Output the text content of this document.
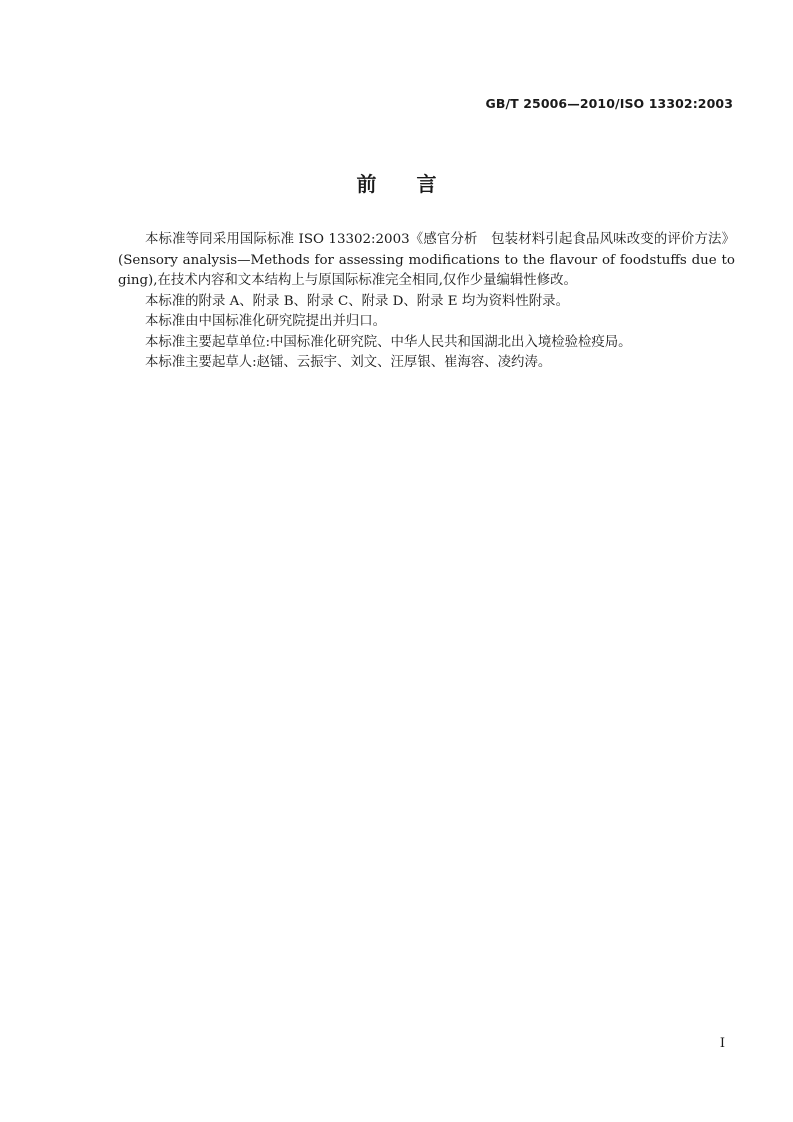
GB/T 25006—2010/ISO 13302:2003
前　　言
本标准等同采用国际标准 ISO 13302:2003《感官分析　包装材料引起食品风味改变的评价方法》
(Sensory analysis—Methods for assessing modifications to the flavour of foodstuffs due to
ging),在技术内容和文本结构上与原国际标准完全相同,仅作少量编辑性修改。
本标准的附录 A、附录 B、附录 C、附录 D、附录 E 均为资料性附录。
本标准由中国标准化研究院提出并归口。
本标准主要起草单位:中国标准化研究院、中华人民共和国湖北出入境检验检疫局。
本标准主要起草人:赵镭、云振宇、刘文、汪厚银、崔海容、凌约涛。
I
